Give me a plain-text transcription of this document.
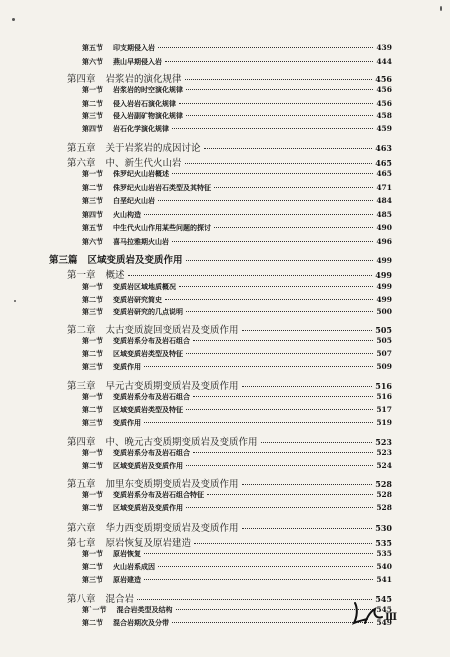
第五节 印支期侵入岩	439
第六节 燕山早期侵入岩	444
第四章 岩浆岩的演化规律	456
第一节 岩浆岩的时空演化规律	456
第二节 侵入岩岩石演化规律	456
第三节 侵入岩副矿物演化规律	458
第四节 岩石化学演化规律	459
第五章 关于岩浆岩的成因讨论	463
第六章 中、新生代火山岩	465
第一节 侏罗纪火山岩概述	465
第二节 侏罗纪火山岩岩石类型及其特征	471
第三节 白垩纪火山岩	484
第四节 火山构造	485
第五节 中生代火山作用某些问题的探讨	490
第六节 喜马拉雅期火山岩	496
第三篇 区域变质岩及变质作用	499
第一章 概述	499
第一节 变质岩区域地质概况	499
第二节 变质岩研究简史	499
第三节 变质岩研究的几点说明	500
第二章 太古变质旋回变质岩及变质作用	505
第一节 变质岩系分布及岩石组合	505
第二节 区域变质岩类型及特征	507
第三节 变质作用	509
第三章 早元古变质期变质岩及变质作用	516
第一节 变质岩系分布及岩石组合	516
第二节 区域变质岩类型及特征	517
第三节 变质作用	519
第四章 中、晚元古变质期变质岩及变质作用	523
第一节 变质岩系分布及岩石组合	523
第二节 区域变质岩及变质作用	524
第五章 加里东变质期变质岩及变质作用	528
第一节 变质岩系分布及岩石组合特征	528
第二节 区域变质岩及变质作用	528
第六章 华力西变质期变质岩及变质作用	530
第七章 原岩恢复及原岩建造	535
第一节 原岩恢复	535
第二节 火山岩系成因	540
第三节 原岩建造	541
第八章 混合岩	545
第`一节 混合岩类型及结构	545
第二节 混合岩期次及分带	549
III
